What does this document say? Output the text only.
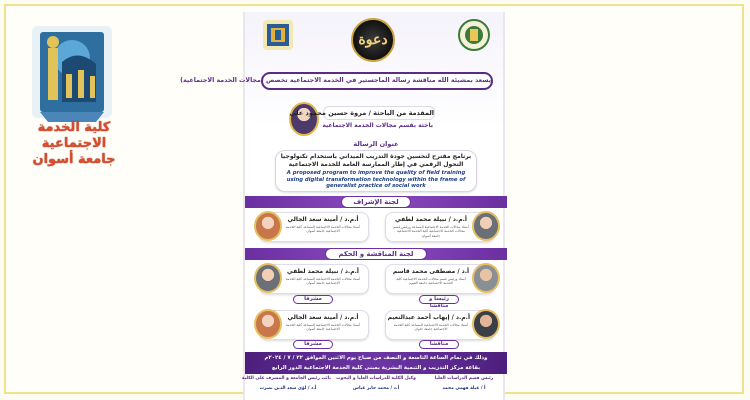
كلية الخدمة الاجتماعية
جامعة أسوان
دعوة
يسعد بمشيئة الله مناقشة رسالة الماجستير في الخدمة الاجتماعية تخصص (مجالات الخدمة الاجتماعية)
المقدمة من الباحثة / مروة حسين محمود علي
باحثة بقسم مجالات الخدمة الاجتماعية
عنوان الرسالة
برنامج مقترح لتحسين جودة التدريب الميداني باستخدام تكنولوجيا التحول الرقمي في إطار الممارسة العامة للخدمة الاجتماعية
A proposed program to improve the quality of field training using digital transformation technology within the frame of generalist practice of social work
لجنة الإشراف
أ.م.د / نبيلة محمد لطفي
أستاذ مجالات الخدمة الاجتماعية المساعد ورئيس قسم مجالات الخدمة الاجتماعية كلية الخدمة الاجتماعية جامعة أسوان
أ.م.د / أمينة سعد الجالي
أستاذ مجالات الخدمة الاجتماعية المساعد كلية الخدمة الاجتماعية جامعة أسوان
لجنة المناقشة و الحكم
أ.د / مصطفى محمد قاسم
أستاذ ورئيس قسم مجالات الخدمة الاجتماعية كلية الخدمة الاجتماعية جامعة الفيوم
رئيسا و مناقشا
أ.م.د / نبيلة محمد لطفي
أستاذ مجالات الخدمة الاجتماعية المساعد كلية الخدمة الاجتماعية جامعة أسوان
مشرفا
أ.م.د / إيهاب أحمد عبدالنعيم
أستاذ مجالات الخدمة الاجتماعية المساعد كلية الخدمة الاجتماعية جامعة حلوان
مناقشا
أ.م.د / أمينة سعد الجالي
أستاذ مجالات الخدمة الاجتماعية المساعد كلية الخدمة الاجتماعية جامعة أسوان
مشرفا
وذلك في تمام الساعة التاسعة و النصف من صباح يوم الاثنين الموافق ٢٢ / ٧ / ٢٠٢٤م
بقاعة مركز التدريب و التنمية البشرية بمبنى كلية الخدمة الاجتماعية الدور الرابع
رئيس قسم الدراسات العليا
وكيل الكلية للدراسات العليا و البحوث
نائب رئيس الجامعة و المشرف على الكلية
أ / عبلة فهمي محمد
أ.د / محمد جابر عباس
أ.د / لؤي سعد الدين نصرت
